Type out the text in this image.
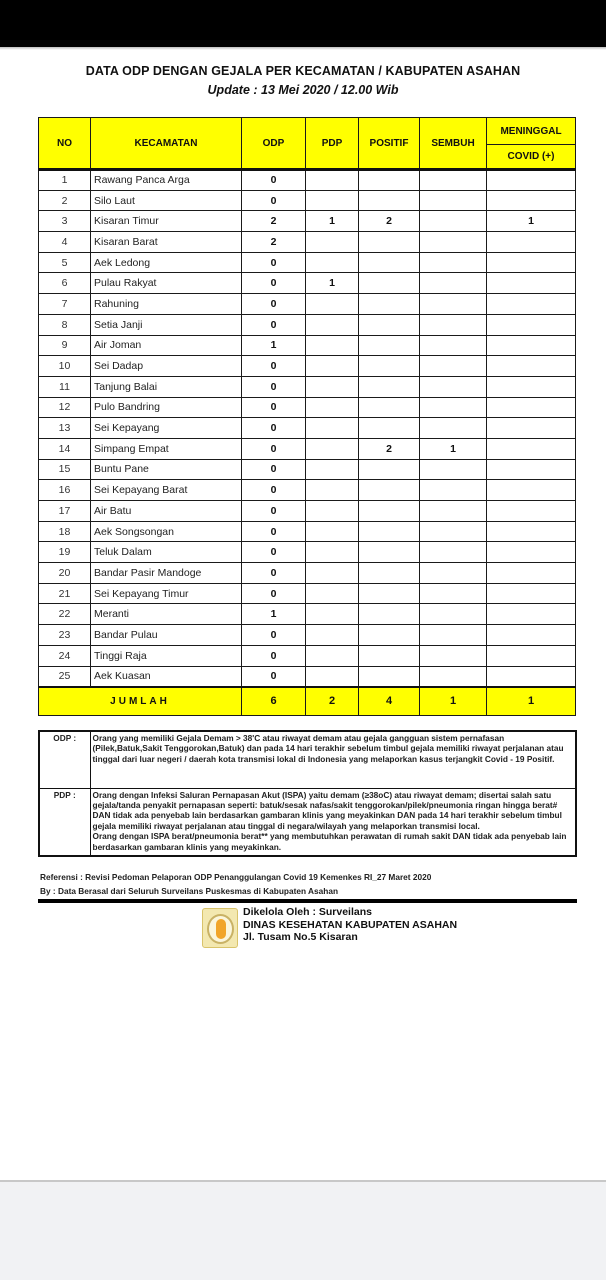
DATA ODP DENGAN GEJALA PER KECAMATAN / KABUPATEN ASAHAN
Update : 13 Mei 2020 / 12.00 Wib
NO	KECAMATAN	ODP	PDP	POSITIF	SEMBUH	MENINGGAL
						COVID (+)
1	Rawang Panca Arga	0				
2	Silo Laut	0				
3	Kisaran Timur	2	1	2		1
4	Kisaran Barat	2				
5	Aek Ledong	0				
6	Pulau Rakyat	0	1			
7	Rahuning	0				
8	Setia Janji	0				
9	Air Joman	1				
10	Sei Dadap	0				
11	Tanjung Balai	0				
12	Pulo Bandring	0				
13	Sei Kepayang	0				
14	Simpang Empat	0		2	1	
15	Buntu Pane	0				
16	Sei Kepayang Barat	0				
17	Air Batu	0				
18	Aek Songsongan	0				
19	Teluk Dalam	0				
20	Bandar Pasir Mandoge	0				
21	Sei Kepayang Timur	0				
22	Meranti	1				
23	Bandar Pulau	0				
24	Tinggi Raja	0				
25	Aek Kuasan	0				
JUMLAH		6	2	4	1	1
ODP :	Orang yang memiliki Gejala Demam > 38'C atau riwayat demam atau gejala gangguan sistem pernafasan (Pilek,Batuk,Sakit Tenggorokan,Batuk) dan pada 14 hari terakhir sebelum timbul gejala memiliki riwayat perjalanan atau tinggal dari luar negeri / daerah kota transmisi lokal di Indonesia yang melaporkan kasus terjangkit Covid - 19 Positif.
PDP :	Orang dengan Infeksi Saluran Pernapasan Akut (ISPA) yaitu demam (≥38oC) atau riwayat demam; disertai salah satu gejala/tanda penyakit pernapasan seperti: batuk/sesak nafas/sakit tenggorokan/pilek/pneumonia ringan hingga berat# DAN tidak ada penyebab lain berdasarkan gambaran klinis yang meyakinkan DAN pada 14 hari terakhir sebelum timbul gejala memiliki riwayat perjalanan atau tinggal di negara/wilayah yang melaporkan transmisi local.
Orang dengan ISPA berat/pneumonia berat** yang membutuhkan perawatan di rumah sakit DAN tidak ada penyebab lain berdasarkan gambaran klinis yang meyakinkan.
Referensi : Revisi Pedoman Pelaporan ODP Penanggulangan Covid 19 Kemenkes RI_27 Maret 2020
By : Data Berasal dari Seluruh Surveilans Puskesmas di Kabupaten Asahan
Dikelola Oleh : Surveilans
DINAS KESEHATAN KABUPATEN ASAHAN
Jl. Tusam No.5 Kisaran
